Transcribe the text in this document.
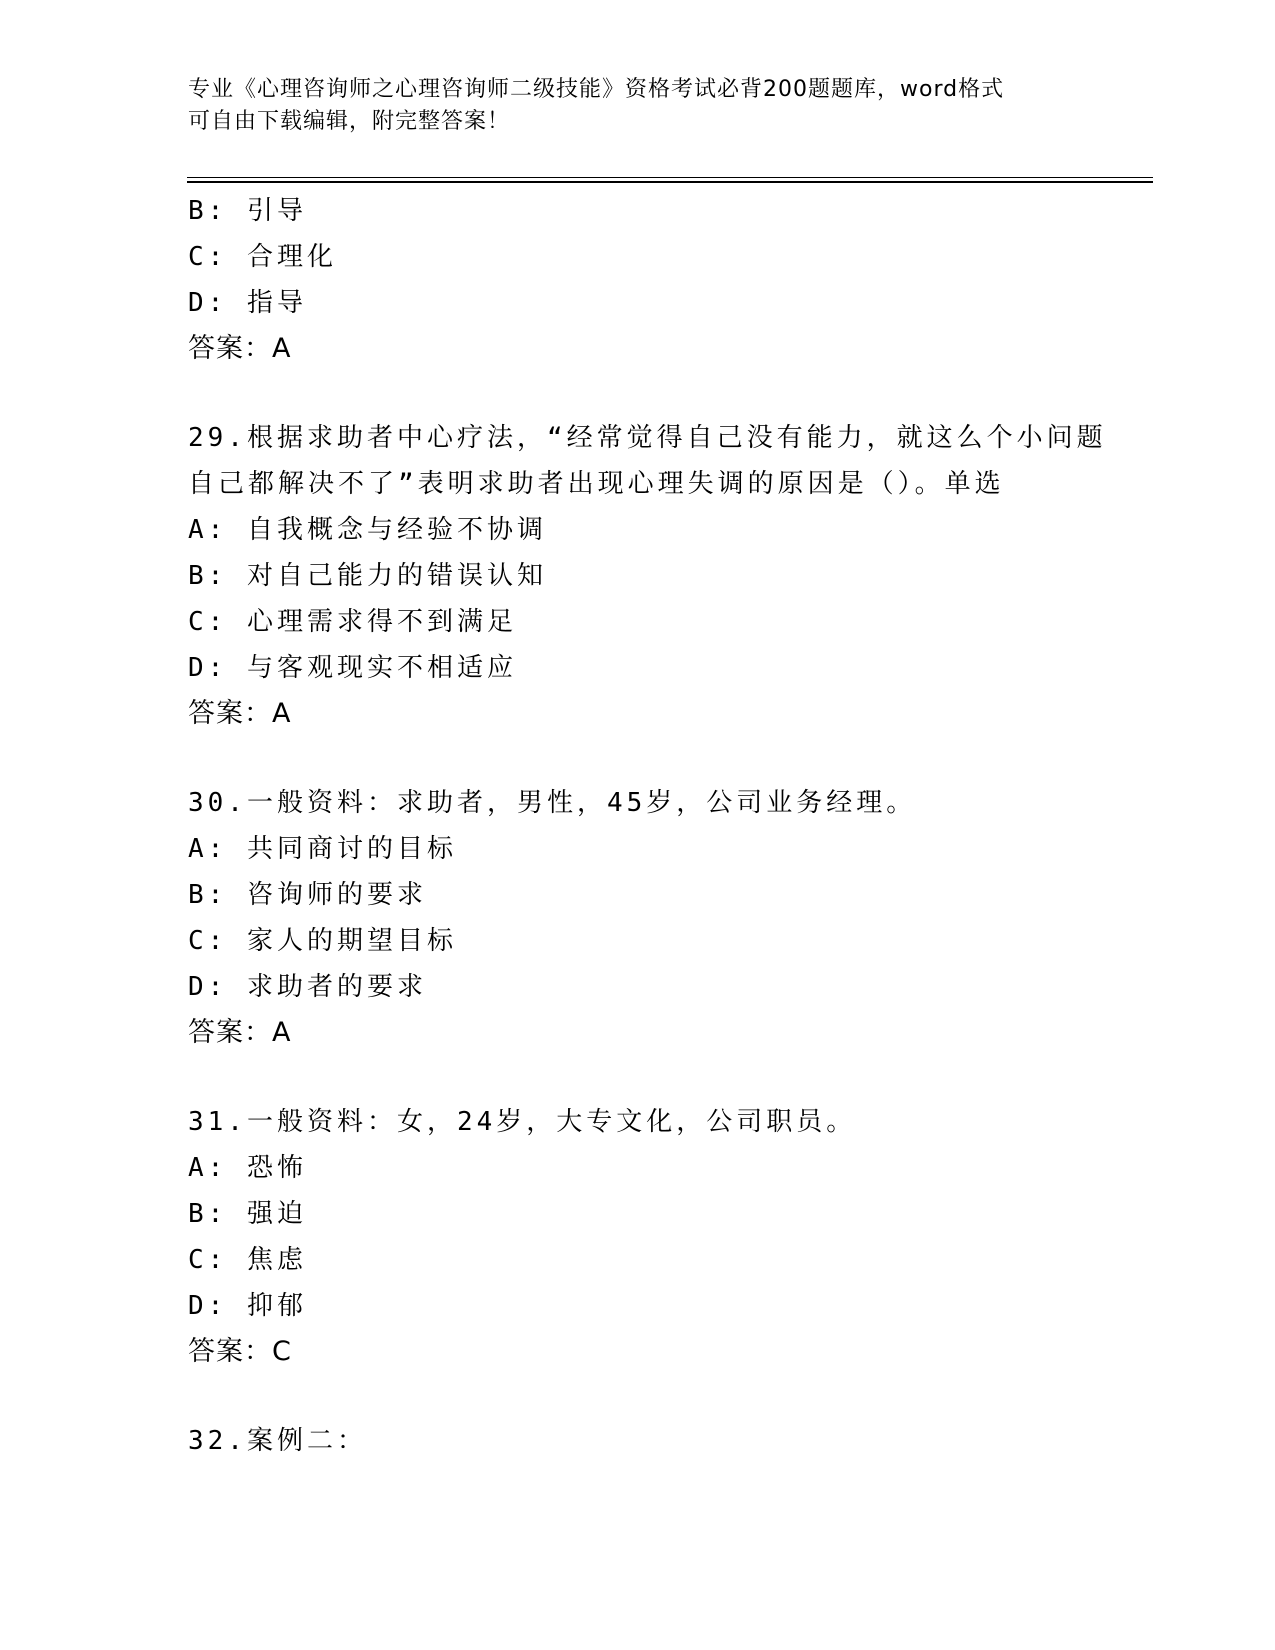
专业《心理咨询师之心理咨询师二级技能》资格考试必背200题题库，word格式
可自由下载编辑，附完整答案！
B: 引导
C: 合理化
D: 指导
答案：A
29.根据求助者中心疗法，“经常觉得自己没有能力，就这么个小问题
自己都解决不了”表明求助者出现心理失调的原因是（）。单选
A: 自我概念与经验不协调
B: 对自己能力的错误认知
C: 心理需求得不到满足
D: 与客观现实不相适应
答案：A
30.一般资料：求助者，男性，45岁，公司业务经理。
A: 共同商讨的目标
B: 咨询师的要求
C: 家人的期望目标
D: 求助者的要求
答案：A
31.一般资料：女，24岁，大专文化，公司职员。
A: 恐怖
B: 强迫
C: 焦虑
D: 抑郁
答案：C
32.案例二：
